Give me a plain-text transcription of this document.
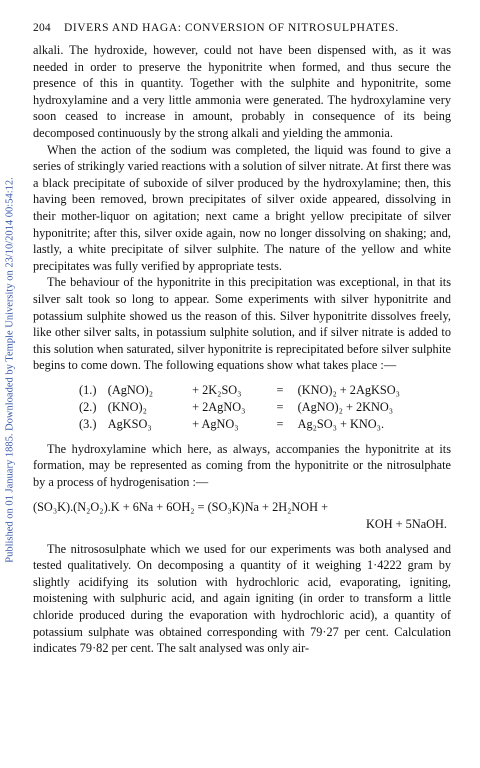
Published on 01 January 1885. Downloaded by Temple University on 23/10/2014 00:54:12.
204 DIVERS AND HAGA: CONVERSION OF NITROSULPHATES.

alkali. The hydroxide, however, could not have been dispensed with, as it was needed in order to preserve the hyponitrite when formed, and thus secure the presence of this in quantity. Together with the sulphite and hyponitrite, some hydroxylamine and a very little ammonia were generated. The hydroxylamine very soon ceased to increase in amount, probably in consequence of its being decomposed continuously by the strong alkali and yielding the ammonia.

When the action of the sodium was completed, the liquid was found to give a series of strikingly varied reactions with a solution of silver nitrate. At first there was a black precipitate of suboxide of silver produced by the hydroxylamine; then, this having been removed, brown precipitates of silver oxide appeared, dissolving in their mother-liquor on agitation; next came a bright yellow precipitate of silver hyponitrite; after this, silver oxide again, now no longer dissolving on shaking; and, lastly, a white precipitate of silver sulphite. The nature of the yellow and white precipitates was fully verified by appropriate tests.

The behaviour of the hyponitrite in this precipitation was exceptional, in that its silver salt took so long to appear. Some experiments with silver hyponitrite and potassium sulphite showed us the reason of this. Silver hyponitrite dissolves freely, like other silver salts, in potassium sulphite solution, and if silver nitrate is added to this solution when saturated, silver hyponitrite is reprecipitated before silver sulphite begins to come down. The following equations show what takes place :—

(1.) (AgNO)₂	+ 2K₂SO₃	=	(KNO)₂ + 2AgKSO₃
(2.) (KNO)₂	+ 2AgNO₃	=	(AgNO)₂ + 2KNO₃
(3.) AgKSO₃	+ AgNO₃	=	Ag₂SO₃ + KNO₃.

The hydroxylamine which here, as always, accompanies the hyponitrite at its formation, may be represented as coming from the hyponitrite or the nitrosulphate by a process of hydrogenisation :—

(SO₃K).(N₂O₂).K + 6Na + 6OH₂ = (SO₃K)Na + 2H₂NOH +
KOH + 5NaOH.

The nitrososulphate which we used for our experiments was both analysed and tested qualitatively. On decomposing a quantity of it weighing 1·4222 gram by slightly acidifying its solution with hydrochloric acid, evaporating, igniting, moistening with sulphuric acid, and again igniting (in order to transform a little chloride produced during the evaporation with hydrochloric acid), a quantity of potassium sulphate was obtained corresponding with 79·27 per cent. Calculation indicates 79·82 per cent. The salt analysed was only air-
